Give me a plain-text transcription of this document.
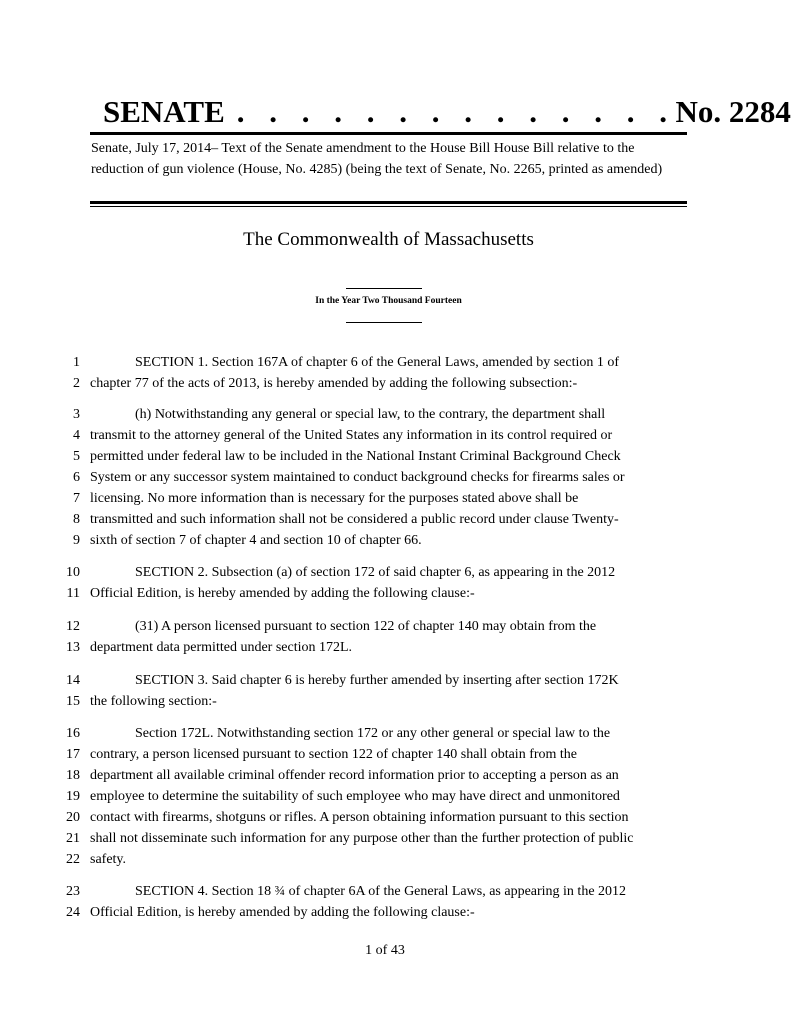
SENATE . . . . . . . . . . . . . . No. 2284
Senate, July 17, 2014– Text of the Senate amendment to the House Bill House Bill relative to the reduction of gun violence (House, No. 4285) (being the text of Senate, No. 2265, printed as amended)
The Commonwealth of Massachusetts
In the Year Two Thousand Fourteen
1	SECTION 1. Section 167A of chapter 6 of the General Laws, amended by section 1 of
2 chapter 77 of the acts of 2013, is hereby amended by adding the following subsection:-
3	(h) Notwithstanding any general or special law, to the contrary, the department shall
4 transmit to the attorney general of the United States any information in its control required or
5 permitted under federal law to be included in the National Instant Criminal Background Check
6 System or any successor system maintained to conduct background checks for firearms sales or
7 licensing. No more information than is necessary for the purposes stated above shall be
8 transmitted and such information shall not be considered a public record under clause Twenty-
9 sixth of section 7 of chapter 4 and section 10 of chapter 66.
10	SECTION 2. Subsection (a) of section 172 of said chapter 6, as appearing in the 2012
11 Official Edition, is hereby amended by adding the following clause:-
12	(31) A person licensed pursuant to section 122 of chapter 140 may obtain from the
13 department data permitted under section 172L.
14	SECTION 3. Said chapter 6 is hereby further amended by inserting after section 172K
15 the following section:-
16	Section 172L. Notwithstanding section 172 or any other general or special law to the
17 contrary, a person licensed pursuant to section 122 of chapter 140 shall obtain from the
18 department all available criminal offender record information prior to accepting a person as an
19 employee to determine the suitability of such employee who may have direct and unmonitored
20 contact with firearms, shotguns or rifles. A person obtaining information pursuant to this section
21 shall not disseminate such information for any purpose other than the further protection of public
22 safety.
23	SECTION 4. Section 18 ¾ of chapter 6A of the General Laws, as appearing in the 2012
24 Official Edition, is hereby amended by adding the following clause:-
1 of 43
